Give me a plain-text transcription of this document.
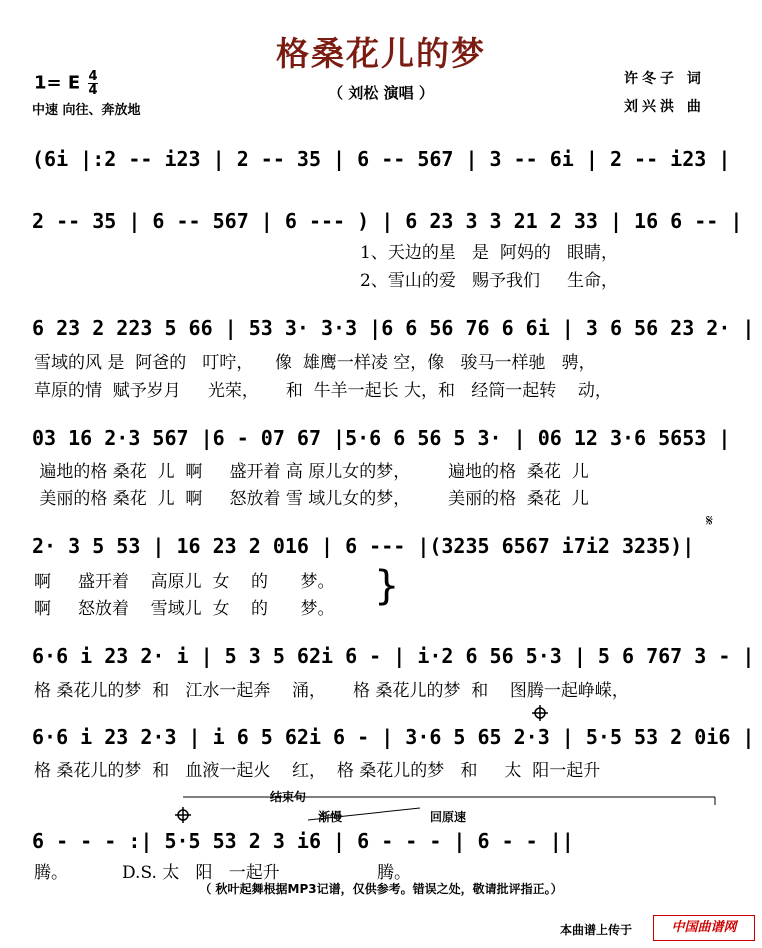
格桑花儿的梦
（ 刘松 演唱 ）
1= E $\frac{4}{4}$
中速 向往、奔放地
许冬子 词
刘兴洪 曲
(6i |:2 -- i23 | 2 -- 35 | 6 -- 567 | 3 -- 6i | 2 -- i23 |
2 -- 35 | 6 -- 567 | 6 --- ) | 6 23 3 3 21 2 33 | 16 6 -- |
1、天边的星   是  阿妈的   眼睛，
2、雪山的爱   赐予我们     生命，
6 23 2 223 5 66 | 53 3· 3·3 |6 6 56 76 6 6i | 3 6 56 23 2· |
雪域的风 是  阿爸的   叮咛，    像  雄鹰一样凌 空，像   骏马一样驰   骋，
草原的情  赋予岁月     光荣，     和  牛羊一起长 大，和   经筒一起转    动，
03 16 2·3 567 |6 - 07 67 |5·6 6 56 5 3· | 06 12 3·6 5653 |
遍地的格 桑花  儿  啊     盛开着 高 原儿女的梦，       遍地的格  桑花  儿
美丽的格 桑花  儿  啊     怒放着 雪 域儿女的梦，       美丽的格  桑花  儿
2· 3 5 53 | 16 23 2 016 | 6 --- |(3235 6567 i7i2 3235)|
啊     盛开着    高原儿  女    的      梦。
啊     怒放着    雪域儿  女    的      梦。 }
6·6 i 23 2· i | 5 3 5 62i 6 - | i·2 6 56 5·3 | 5 6 767 3 - |
格 桑花儿的梦  和   江水一起奔    涌，     格 桑花儿的梦  和    图腾一起峥嵘，
6·6 i 23 2·3 | i 6 5 62i 6 - | 3·6 5 65 2·3 | 5·5 53 2 0i6 |
格 桑花儿的梦  和   血液一起火    红，  格 桑花儿的梦   和     太  阳一起升
结束句
渐慢	回原速
6 - - - :| 5·5 53 2 3 i6 | 6 - - - | 6 - - ||
腾。          D.S. 太   阳   一起升                  腾。
（ 秋叶起舞根据MP3记谱，仅供参考。错误之处，敬请批评指正。）
本曲谱上传于	中国曲谱网
𝄋
